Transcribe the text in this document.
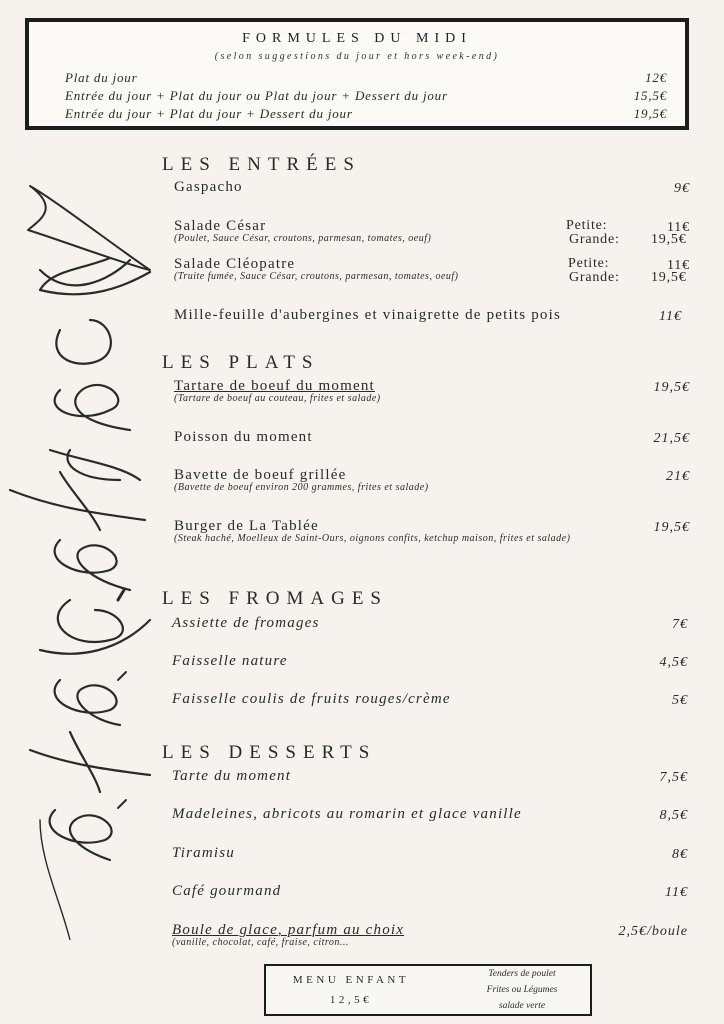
FORMULES DU MIDI
(selon suggestions du jour et hors week-end)
Plat du jour	12€
Entrée du jour + Plat du jour ou Plat du jour + Dessert du jour	15,5€
Entrée du jour + Plat du jour + Dessert du jour	19,5€
LES ENTRÉES
Gaspacho	9€
Salade César
(Poulet, Sauce César, croutons, parmesan, tomates, oeuf)
Petite:	11€
Grande: 19,5€
Salade Cléopatre
(Truite fumée, Sauce César, croutons, parmesan, tomates, oeuf)
Petite:	11€
Grande: 19,5€
Mille-feuille d'aubergines et vinaigrette de petits pois	11€
LES PLATS
Tartare de boeuf du moment
(Tartare de boeuf au couteau, frites et salade)
19,5€
Poisson du moment	21,5€
Bavette de boeuf grillée
(Bavette de boeuf environ 200 grammes, frites et salade)
21€
Burger de La Tablée
(Steak haché, Moelleux de Saint-Ours, oignons confits, ketchup maison, frites et salade)
19,5€
LES FROMAGES
Assiette de fromages	7€
Faisselle nature	4,5€
Faisselle coulis de fruits rouges/crème	5€
LES DESSERTS
Tarte du moment	7,5€
Madeleines, abricots au romarin et glace vanille	8,5€
Tiramisu	8€
Café gourmand	11€
Boule de glace, parfum au choix
(vanille, chocolat, café, fraise, citron...
2,5€/boule
MENU ENFANT
12,5€
Tenders de poulet
Frites ou Légumes
salade verte
